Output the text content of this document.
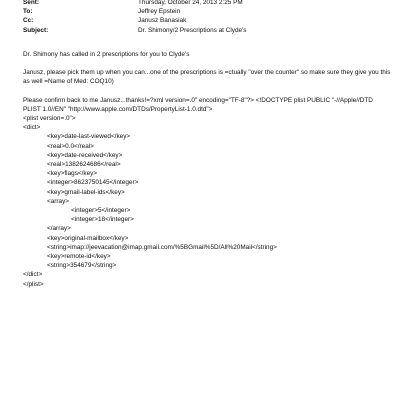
Sent:	Thursday, October 24, 2013 2:25 PM
To:	Jeffrey Epstein
Cc:	Janusz Banasiak
Subject:	Dr. Shimony/2 Prescriptions at Clyde's

Dr. Shimony has called in 2 prescriptions for you to Clyde's

Janusz, please pick them up when you can...one of the prescriptions is =ctually "over the counter" so make sure they give you this as well =Name of Med: COQ10)

Please confirm back to me Janusz...thanks!=?xml version=.0" encoding="TF-8"?> <!DOCTYPE plist PUBLIC "-//Apple//DTD PLIST 1.0//EN" "http://www.apple.com/DTDs/PropertyList-1.0.dtd">

<plist version=.0">

<dict>

<key>date-last-viewed</key>

<real>0.0</real>

<key>date-received</key>

<real>1382624686</real>

<key>flags</key>

<integer>8623750145</integer>

<key>gmail-label-ids</key>

<array>

<integer>5</integer>

<integer>18</integer>

</array>

<key>original-mailbox</key>

<string>imap://jeevacation@imap.gmail.com/%5BGmail%5D/All%20Mail</string>

<key>remote-id</key>

<string>354679</string>

</dict>

</plist>
